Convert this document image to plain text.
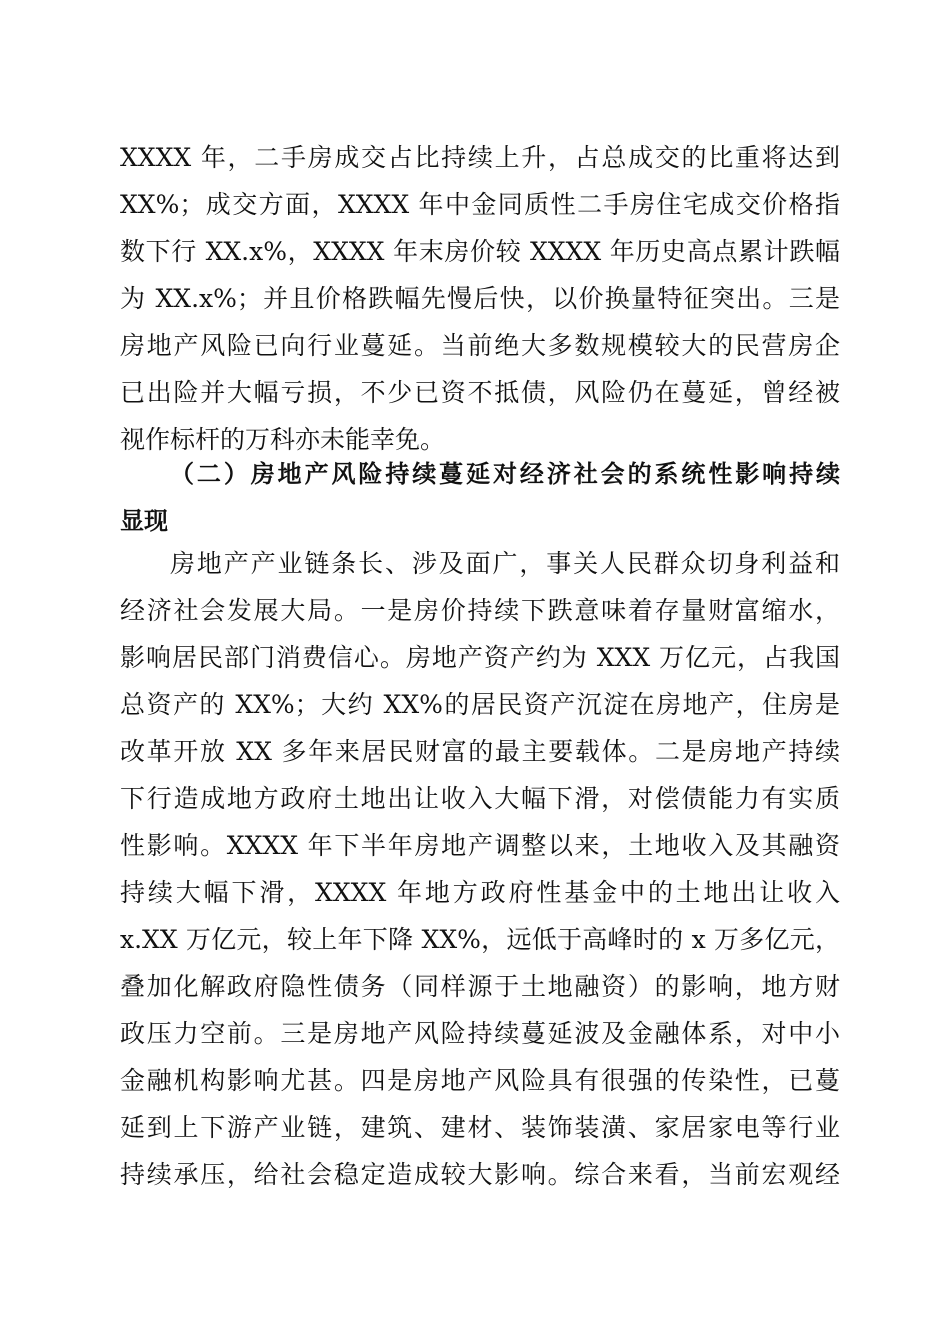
XXXX 年，二手房成交占比持续上升，占总成交的比重将达到
XX%；成交方面，XXXX 年中金同质性二手房住宅成交价格指
数下行 XX.x%，XXXX 年末房价较 XXXX 年历史高点累计跌幅
为 XX.x%；并且价格跌幅先慢后快，以价换量特征突出。三是
房地产风险已向行业蔓延。当前绝大多数规模较大的民营房企
已出险并大幅亏损，不少已资不抵债，风险仍在蔓延，曾经被
视作标杆的万科亦未能幸免。
（二）房地产风险持续蔓延对经济社会的系统性影响持续
显现
房地产产业链条长、涉及面广，事关人民群众切身利益和
经济社会发展大局。一是房价持续下跌意味着存量财富缩水，
影响居民部门消费信心。房地产资产约为 XXX 万亿元，占我国
总资产的 XX%；大约 XX%的居民资产沉淀在房地产，住房是
改革开放 XX 多年来居民财富的最主要载体。二是房地产持续
下行造成地方政府土地出让收入大幅下滑，对偿债能力有实质
性影响。XXXX 年下半年房地产调整以来，土地收入及其融资
持续大幅下滑，XXXX 年地方政府性基金中的土地出让收入
x.XX 万亿元，较上年下降 XX%，远低于高峰时的 x 万多亿元，
叠加化解政府隐性债务（同样源于土地融资）的影响，地方财
政压力空前。三是房地产风险持续蔓延波及金融体系，对中小
金融机构影响尤甚。四是房地产风险具有很强的传染性，已蔓
延到上下游产业链，建筑、建材、装饰装潢、家居家电等行业
持续承压，给社会稳定造成较大影响。综合来看，当前宏观经
